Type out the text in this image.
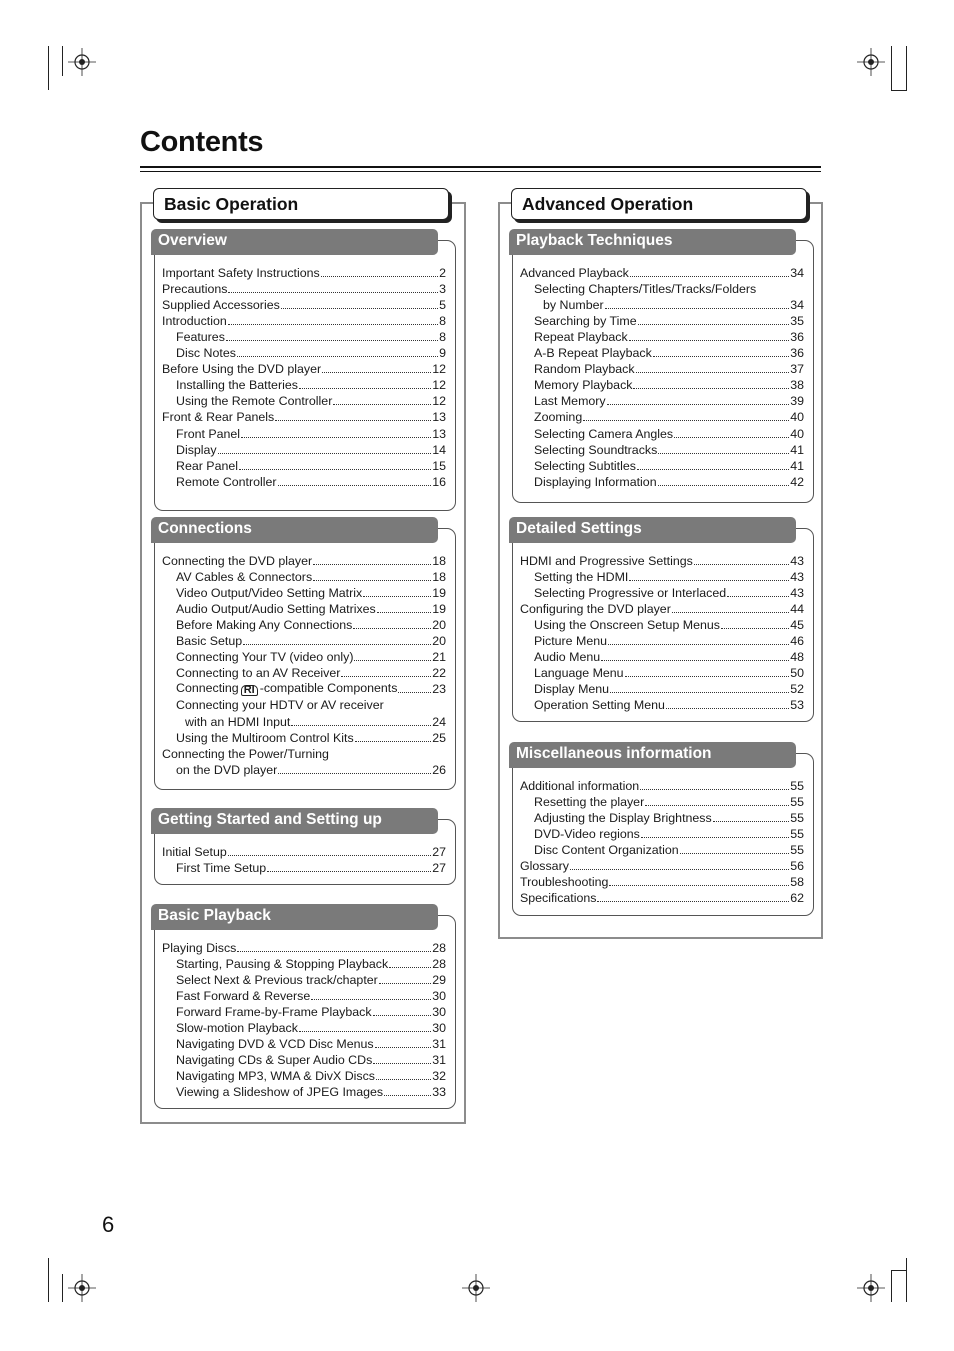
Contents
Basic Operation
Overview
Important Safety Instructions	2
Precautions	3
Supplied Accessories	5
Introduction	8
Features	8
Disc Notes	9
Before Using the DVD player	12
Installing the Batteries	12
Using the Remote Controller	12
Front & Rear Panels	13
Front Panel	13
Display	14
Rear Panel	15
Remote Controller	16
Connections
Connecting the DVD player	18
AV Cables & Connectors	18
Video Output/Video Setting Matrix	19
Audio Output/Audio Setting Matrixes	19
Before Making Any Connections	20
Basic Setup	20
Connecting Your TV (video only)	21
Connecting to an AV Receiver	22
Connecting RI -compatible Components	23
Connecting your HDTV or AV receiver
with an HDMI Input	24
Using the Multiroom Control Kits	25
Connecting the Power/Turning
on the DVD player	26
Getting Started and Setting up
Initial Setup	27
First Time Setup	27
Basic Playback
Playing Discs	28
Starting, Pausing & Stopping Playback	28
Select Next & Previous track/chapter	29
Fast Forward & Reverse	30
Forward Frame-by-Frame Playback	30
Slow-motion Playback	30
Navigating DVD & VCD Disc Menus	31
Navigating CDs & Super Audio CDs	31
Navigating MP3, WMA & DivX Discs	32
Viewing a Slideshow of JPEG Images	33
Advanced Operation
Playback Techniques
Advanced Playback	34
Selecting Chapters/Titles/Tracks/Folders
by Number	34
Searching by Time	35
Repeat Playback	36
A-B Repeat Playback	36
Random Playback	37
Memory Playback	38
Last Memory	39
Zooming	40
Selecting Camera Angles	40
Selecting Soundtracks	41
Selecting Subtitles	41
Displaying Information	42
Detailed Settings
HDMI and Progressive Settings	43
Setting the HDMI	43
Selecting Progressive or Interlaced	43
Configuring the DVD player	44
Using the Onscreen Setup Menus	45
Picture Menu	46
Audio Menu	48
Language Menu	50
Display Menu	52
Operation Setting Menu	53
Miscellaneous information
Additional information	55
Resetting the player	55
Adjusting the Display Brightness	55
DVD-Video regions	55
Disc Content Organization	55
Glossary	56
Troubleshooting	58
Specifications	62
6
